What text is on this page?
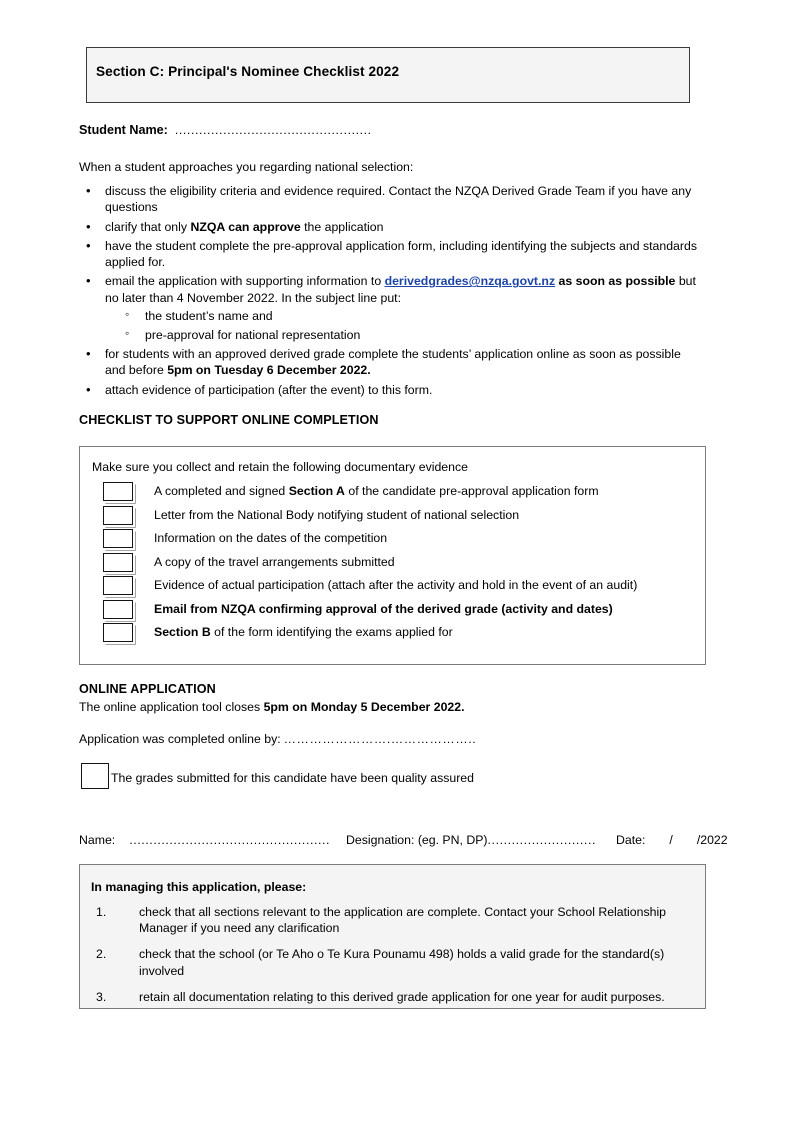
Section C: Principal's Nominee Checklist 2022
Student Name: .................................................
When a student approaches you regarding national selection:
• discuss the eligibility criteria and evidence required. Contact the NZQA Derived Grade Team if you have any questions
• clarify that only NZQA can approve the application
• have the student complete the pre-approval application form, including identifying the subjects and standards applied for.
• email the application with supporting information to derivedgrades@nzqa.govt.nz as soon as possible but no later than 4 November 2022. In the subject line put:
◦ the student’s name and
◦ pre-approval for national representation
• for students with an approved derived grade complete the students’ application online as soon as possible and before 5pm on Tuesday 6 December 2022.
• attach evidence of participation (after the event) to this form.
CHECKLIST TO SUPPORT ONLINE COMPLETION
Make sure you collect and retain the following documentary evidence
A completed and signed Section A of the candidate pre-approval application form
Letter from the National Body notifying student of national selection
Information on the dates of the competition
A copy of the travel arrangements submitted
Evidence of actual participation (attach after the activity and hold in the event of an audit)
Email from NZQA confirming approval of the derived grade (activity and dates)
Section B of the form identifying the exams applied for
ONLINE APPLICATION
The online application tool closes 5pm on Monday 5 December 2022.
Application was completed online by: …………………….………………..
The grades submitted for this candidate have been quality assured
Name: .................................................. Designation: (eg. PN, DP)........................... Date: / /2022
In managing this application, please:
1.	check that all sections relevant to the application are complete. Contact your School Relationship Manager if you need any clarification
2.	check that the school (or Te Aho o Te Kura Pounamu 498) holds a valid grade for the standard(s) involved
3.	retain all documentation relating to this derived grade application for one year for audit purposes.
